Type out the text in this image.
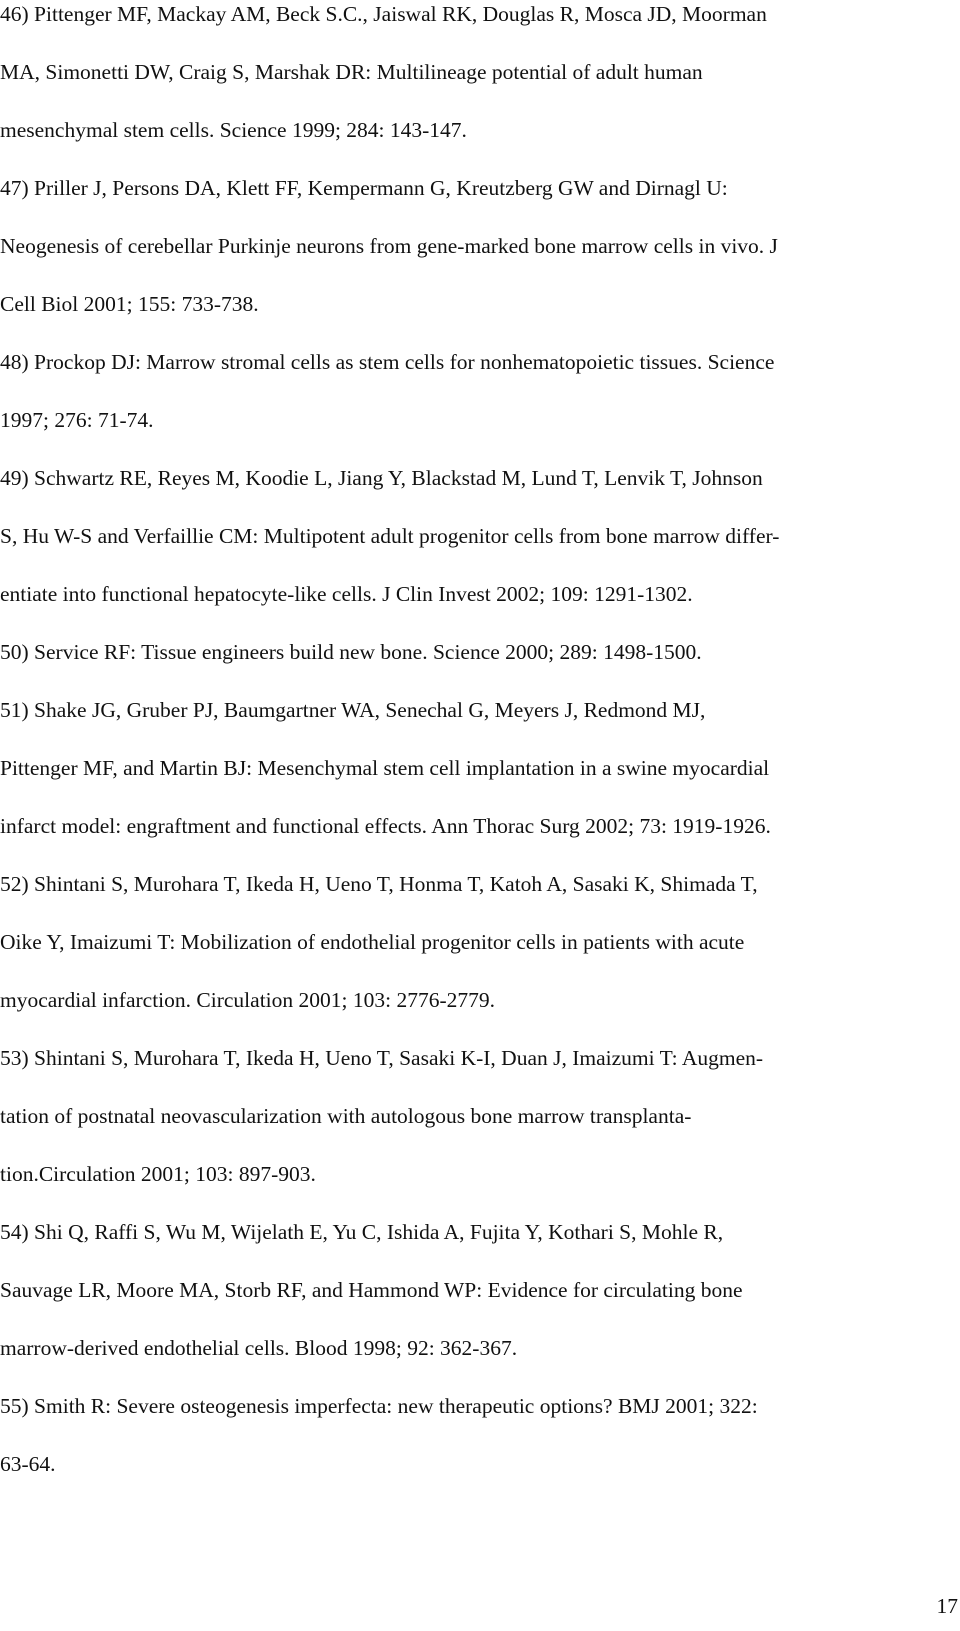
46) Pittenger MF, Mackay AM, Beck S.C., Jaiswal RK, Douglas R, Mosca JD, Moorman

MA, Simonetti DW, Craig S, Marshak DR: Multilineage potential of adult human

mesenchymal stem cells. Science 1999; 284: 143-147.

47) Priller J, Persons DA, Klett FF, Kempermann G, Kreutzberg GW and Dirnagl U:

Neogenesis of cerebellar Purkinje neurons from gene-marked bone marrow cells in vivo. J

Cell Biol 2001; 155: 733-738.

48) Prockop DJ: Marrow stromal cells as stem cells for nonhematopoietic tissues. Science

1997; 276: 71-74.

49) Schwartz RE, Reyes M, Koodie L, Jiang Y, Blackstad M, Lund T, Lenvik T, Johnson

S, Hu W-S and Verfaillie CM: Multipotent adult progenitor cells from bone marrow differ-

entiate into functional hepatocyte-like cells. J Clin Invest 2002; 109: 1291-1302.

50) Service RF: Tissue engineers build new bone. Science 2000; 289: 1498-1500.

51) Shake JG, Gruber PJ, Baumgartner WA, Senechal G, Meyers J, Redmond MJ,

Pittenger MF, and Martin BJ: Mesenchymal stem cell implantation in a swine myocardial

infarct model: engraftment and functional effects. Ann Thorac Surg 2002; 73: 1919-1926.

52) Shintani S, Murohara T, Ikeda H, Ueno T, Honma T, Katoh A, Sasaki K, Shimada T,

Oike Y, Imaizumi T: Mobilization of endothelial progenitor cells in patients with acute

myocardial infarction. Circulation 2001; 103: 2776-2779.

53) Shintani S, Murohara T, Ikeda H, Ueno T, Sasaki K-I, Duan J, Imaizumi T: Augmen-

tation of postnatal neovascularization with autologous bone marrow transplanta-

tion.Circulation 2001; 103: 897-903.

54) Shi Q, Raffi S, Wu M, Wijelath E, Yu C, Ishida A, Fujita Y, Kothari S, Mohle R,

Sauvage LR, Moore MA, Storb RF, and Hammond WP: Evidence for circulating bone

marrow-derived endothelial cells. Blood 1998; 92: 362-367.

55) Smith R: Severe osteogenesis imperfecta: new therapeutic options? BMJ 2001; 322:

63-64.

17
